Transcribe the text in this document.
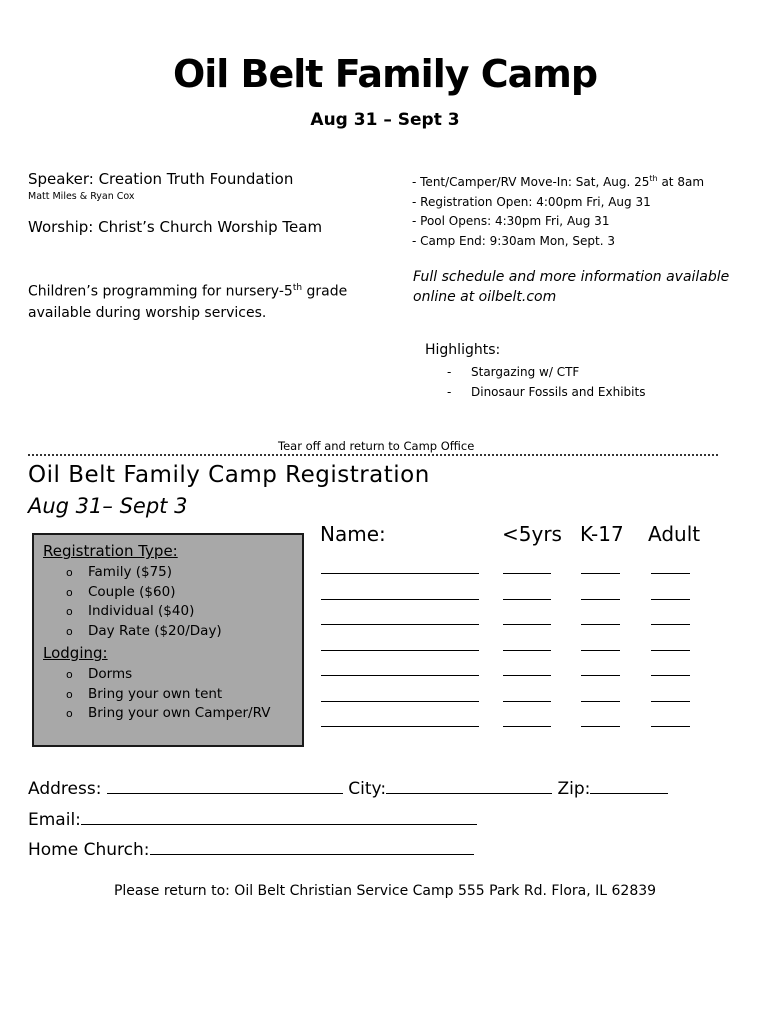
Oil Belt Family Camp
Aug 31 – Sept 3
Speaker: Creation Truth Foundation
Matt Miles & Ryan Cox
Worship: Christ’s Church Worship Team
Children’s programming for nursery-5th grade
available during worship services.
- Tent/Camper/RV Move-In: Sat, Aug. 25th at 8am
- Registration Open: 4:00pm Fri, Aug 31
- Pool Opens: 4:30pm Fri, Aug 31
- Camp End: 9:30am Mon, Sept. 3
Full schedule and more information available online at oilbelt.com
Highlights:
- Stargazing w/ CTF
- Dinosaur Fossils and Exhibits
Tear off and return to Camp Office
Oil Belt Family Camp Registration
Aug 31– Sept 3
Registration Type:
o Family ($75)
o Couple ($60)
o Individual ($40)
o Day Rate ($20/Day)
Lodging:
o Dorms
o Bring your own tent
o Bring your own Camper/RV
Name:	<5yrs K-17 Adult
Address:	City:	Zip:
Email:
Home Church:
Please return to: Oil Belt Christian Service Camp 555 Park Rd. Flora, IL 62839
